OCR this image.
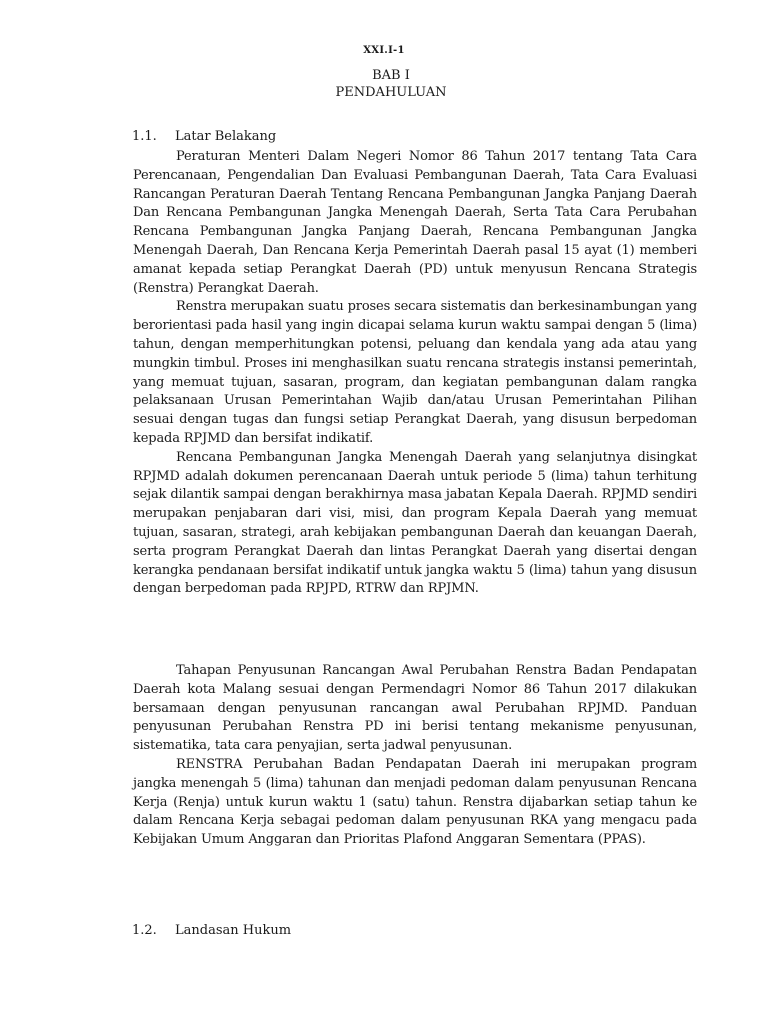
XXI.I-1
BAB I
PENDAHULUAN
1.1. Latar Belakang

Peraturan Menteri Dalam Negeri Nomor 86 Tahun 2017 tentang Tata Cara Perencanaan, Pengendalian Dan Evaluasi Pembangunan Daerah, Tata Cara Evaluasi Rancangan Peraturan Daerah Tentang Rencana Pembangunan Jangka Panjang Daerah Dan Rencana Pembangunan Jangka Menengah Daerah, Serta Tata Cara Perubahan Rencana Pembangunan Jangka Panjang Daerah, Rencana Pembangunan Jangka Menengah Daerah, Dan Rencana Kerja Pemerintah Daerah pasal 15 ayat (1) memberi amanat kepada setiap Perangkat Daerah (PD) untuk menyusun Rencana Strategis (Renstra) Perangkat Daerah.

Renstra merupakan suatu proses secara sistematis dan berkesinambungan yang berorientasi pada hasil yang ingin dicapai selama kurun waktu sampai dengan 5 (lima) tahun, dengan memperhitungkan potensi, peluang dan kendala yang ada atau yang mungkin timbul. Proses ini menghasilkan suatu rencana strategis instansi pemerintah, yang memuat tujuan, sasaran, program, dan kegiatan pembangunan dalam rangka pelaksanaan Urusan Pemerintahan Wajib dan/atau Urusan Pemerintahan Pilihan sesuai dengan tugas dan fungsi setiap Perangkat Daerah, yang disusun berpedoman kepada RPJMD dan bersifat indikatif.

Rencana Pembangunan Jangka Menengah Daerah yang selanjutnya disingkat RPJMD adalah dokumen perencanaan Daerah untuk periode 5 (lima) tahun terhitung sejak dilantik sampai dengan berakhirnya masa jabatan Kepala Daerah. RPJMD sendiri merupakan penjabaran dari visi, misi, dan program Kepala Daerah yang memuat tujuan, sasaran, strategi, arah kebijakan pembangunan Daerah dan keuangan Daerah, serta program Perangkat Daerah dan lintas Perangkat Daerah yang disertai dengan kerangka pendanaan bersifat indikatif untuk jangka waktu 5 (lima) tahun yang disusun dengan berpedoman pada RPJPD, RTRW dan RPJMN.

Tahapan Penyusunan Rancangan Awal Perubahan Renstra Badan Pendapatan Daerah kota Malang sesuai dengan Permendagri Nomor 86 Tahun 2017 dilakukan bersamaan dengan penyusunan rancangan awal Perubahan RPJMD. Panduan penyusunan Perubahan Renstra PD ini berisi tentang mekanisme penyusunan, sistematika, tata cara penyajian, serta jadwal penyusunan.

RENSTRA Perubahan Badan Pendapatan Daerah ini merupakan program jangka menengah 5 (lima) tahunan dan menjadi pedoman dalam penyusunan Rencana Kerja (Renja) untuk kurun waktu 1 (satu) tahun. Renstra dijabarkan setiap tahun ke dalam Rencana Kerja sebagai pedoman dalam penyusunan RKA yang mengacu pada Kebijakan Umum Anggaran dan Prioritas Plafond Anggaran Sementara (PPAS).

1.2. Landasan Hukum
